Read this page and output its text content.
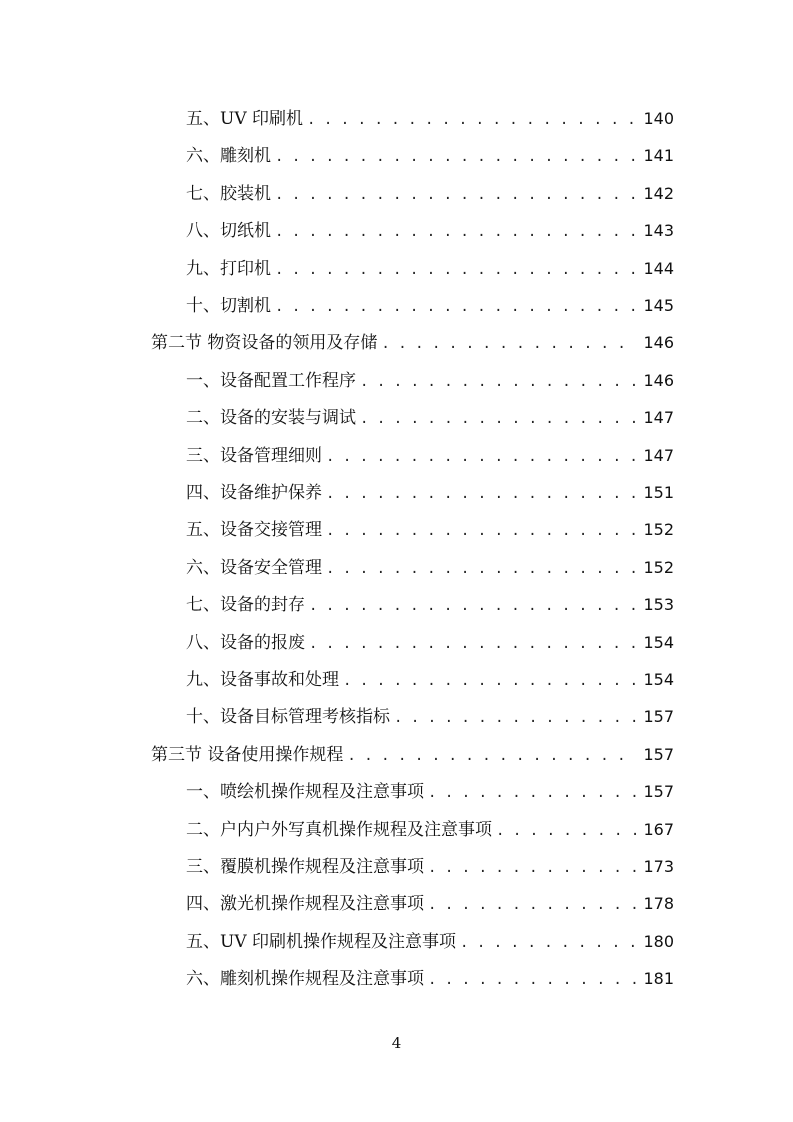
五、UV 印刷机 . . .	140
六、雕刻机 . . .	141
七、胶装机 . . .	142
八、切纸机 . . .	143
九、打印机 . . .	144
十、切割机 . . .	145
第二节 物资设备的领用及存储 . . .	146
一、设备配置工作程序 . . .	146
二、设备的安装与调试 . . .	147
三、设备管理细则 . . .	147
四、设备维护保养 . . .	151
五、设备交接管理 . . .	152
六、设备安全管理 . . .	152
七、设备的封存 . . .	153
八、设备的报废 . . .	154
九、设备事故和处理 . . .	154
十、设备目标管理考核指标 . . .	157
第三节 设备使用操作规程 . . .	157
一、喷绘机操作规程及注意事项 . . .	157
二、户内户外写真机操作规程及注意事项 . . .	167
三、覆膜机操作规程及注意事项 . . .	173
四、激光机操作规程及注意事项 . . .	178
五、UV 印刷机操作规程及注意事项 . . .	180
六、雕刻机操作规程及注意事项 . . .	181
4
